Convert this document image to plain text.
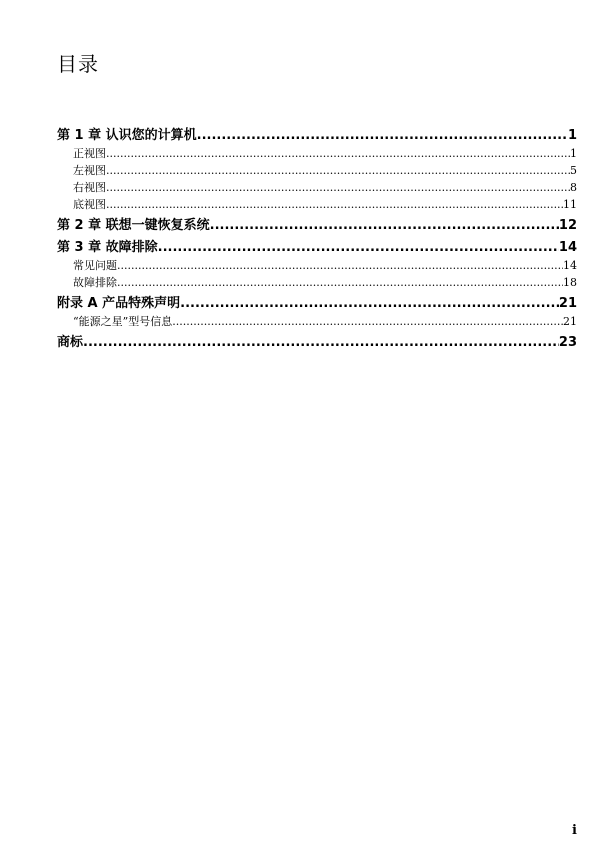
目录
第 1 章 认识您的计算机 .....	1
正视图 .....	1
左视图 .....	5
右视图 .....	8
底视图 .....	11
第 2 章 联想一键恢复系统 .....	12
第 3 章 故障排除 .....	14
常见问题 .....	14
故障排除 .....	18
附录 A 产品特殊声明 .....	21
“能源之星”型号信息 .....	21
商标 .....	23
i
